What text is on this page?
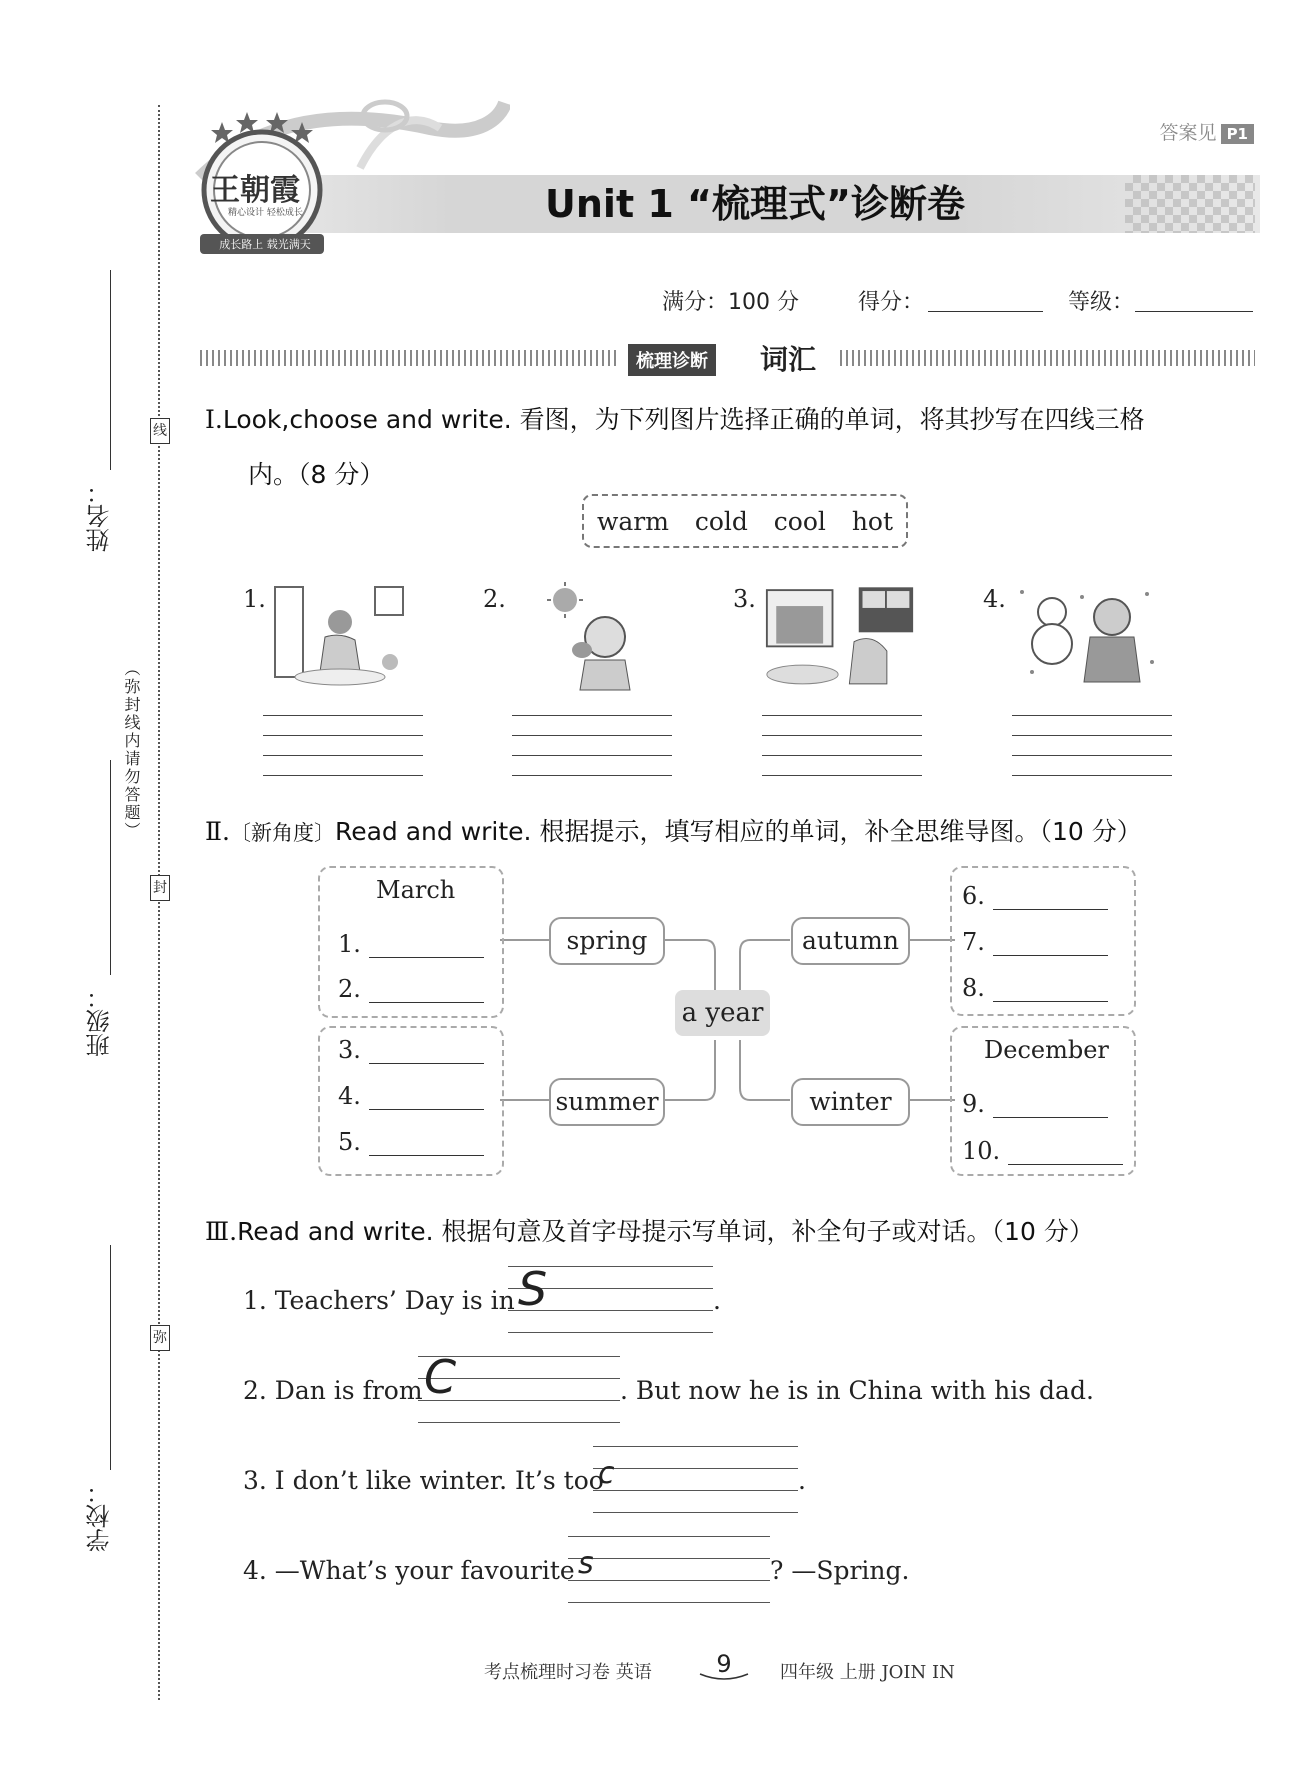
姓名：
班级：
学校：
（弥封线内请勿答题）
线
封
弥
王朝霞
精心设计 轻松成长
成长路上 载光满天
答案见 P1
Unit 1 “梳理式”诊断卷
满分：100 分	得分：	等级：
梳理诊断 词汇
Ⅰ.Look,choose and write. 看图，为下列图片选择正确的单词，将其抄写在四线三格
内。（8 分）
warm cold cool hot
1.	2.	3.	4.
Ⅱ.〔新角度〕Read and write. 根据提示，填写相应的单词，补全思维导图。（10 分）
March
1.
2.
3.
4.
5.
spring
summer
autumn
winter
a year
6.
7.
8.
December
9.
10.
Ⅲ.Read and write. 根据句意及首字母提示写单词，补全句子或对话。（10 分）
1. Teachers’ Day is in S	.
2. Dan is from C	. But now he is in China with his dad.
3. I don’t like winter. It’s too
c	.
4. —What’s your favourite s	? —Spring.
考点梳理时习卷 英语	9	四年级 上册 JOIN IN
